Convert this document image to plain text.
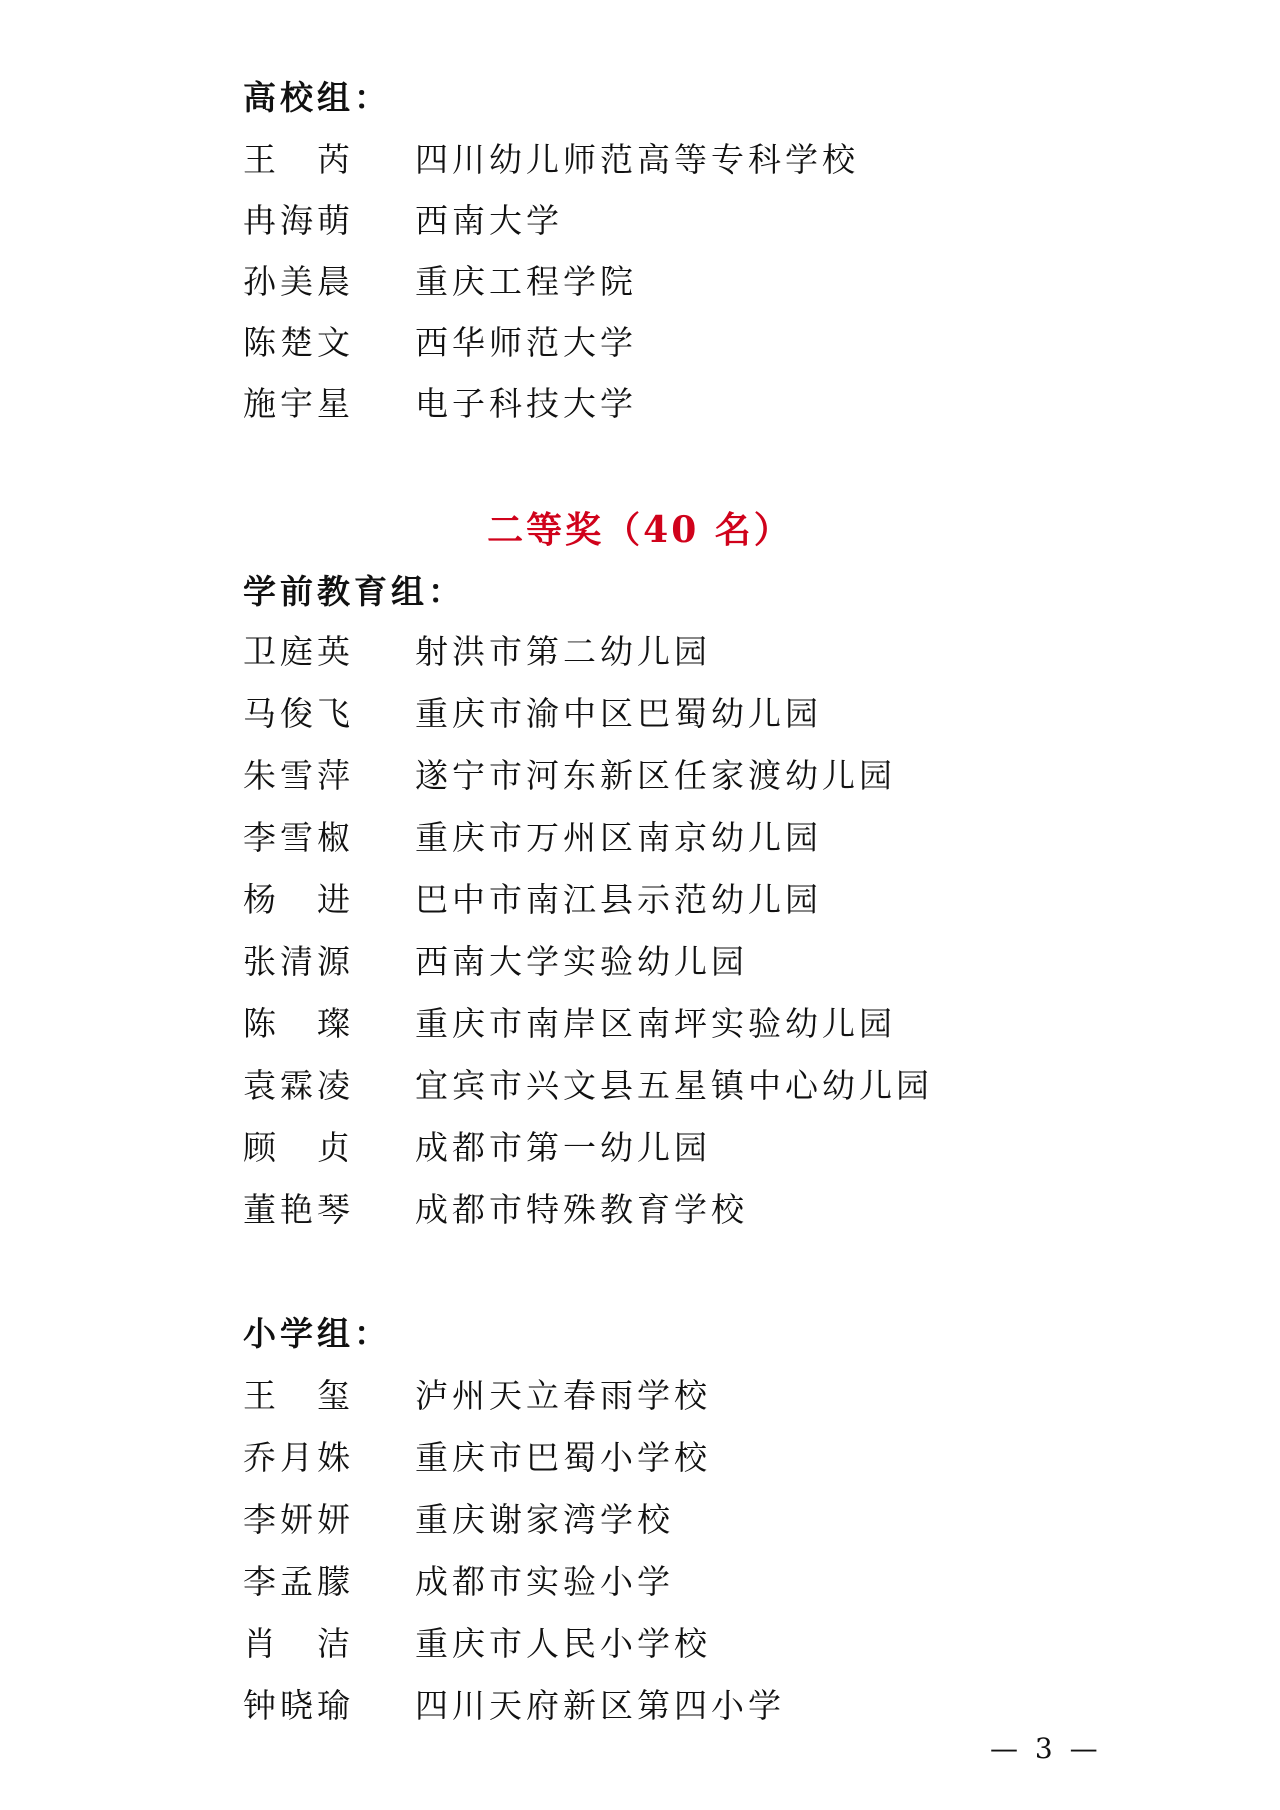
高校组：
王　芮 四川幼儿师范高等专科学校
冉海萌 西南大学
孙美晨 重庆工程学院
陈楚文 西华师范大学
施宇星 电子科技大学
二等奖（40 名）
学前教育组：
卫庭英 射洪市第二幼儿园
马俊飞 重庆市渝中区巴蜀幼儿园
朱雪萍 遂宁市河东新区任家渡幼儿园
李雪椒 重庆市万州区南京幼儿园
杨　进 巴中市南江县示范幼儿园
张清源 西南大学实验幼儿园
陈　璨 重庆市南岸区南坪实验幼儿园
袁霖凌 宜宾市兴文县五星镇中心幼儿园
顾　贞 成都市第一幼儿园
董艳琴 成都市特殊教育学校
小学组：
王　玺 泸州天立春雨学校
乔月姝 重庆市巴蜀小学校
李妍妍 重庆谢家湾学校
李孟朦 成都市实验小学
肖　洁 重庆市人民小学校
钟晓瑜 四川天府新区第四小学
— 3 —
